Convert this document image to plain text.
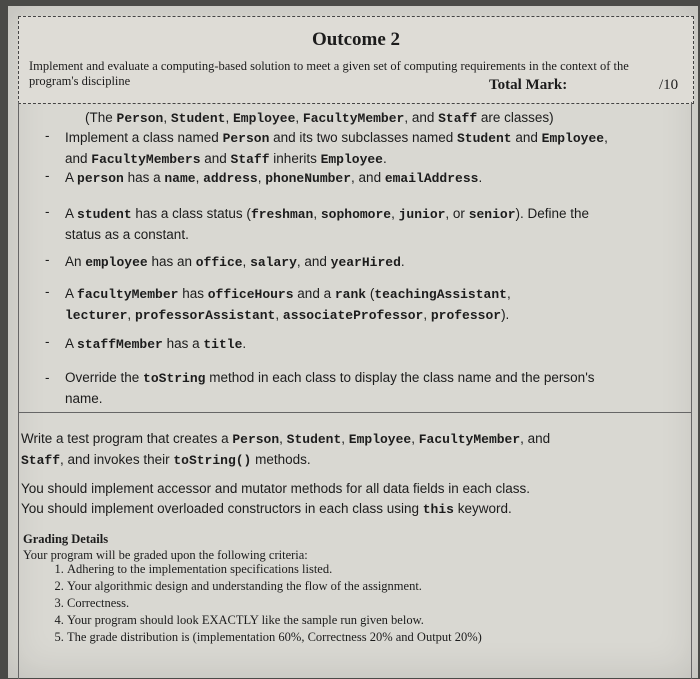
Outcome 2
Implement and evaluate a computing-based solution to meet a given set of computing requirements in the context of the program's discipline	Total Mark:	/10
(The Person, Student, Employee, FacultyMember, and Staff are classes)
- Implement a class named Person and its two subclasses named Student and Employee,
and FacultyMembers and Staff inherits Employee.
- A person has a name, address, phoneNumber, and emailAddress.
- A student has a class status (freshman, sophomore, junior, or senior). Define the
status as a constant.
- An employee has an office, salary, and yearHired.
- A facultyMember has officeHours and a rank (teachingAssistant,
lecturer, professorAssistant, associateProfessor, professor).
- A staffMember has a title.
- Override the toString method in each class to display the class name and the person's
name.
Write a test program that creates a Person, Student, Employee, FacultyMember, and
Staff, and invokes their toString() methods.
You should implement accessor and mutator methods for all data fields in each class.
You should implement overloaded constructors in each class using this keyword.
Grading Details
Your program will be graded upon the following criteria:
1. Adhering to the implementation specifications listed.
2. Your algorithmic design and understanding the flow of the assignment.
3. Correctness.
4. Your program should look EXACTLY like the sample run given below.
5. The grade distribution is (implementation 60%, Correctness 20% and Output 20%)
